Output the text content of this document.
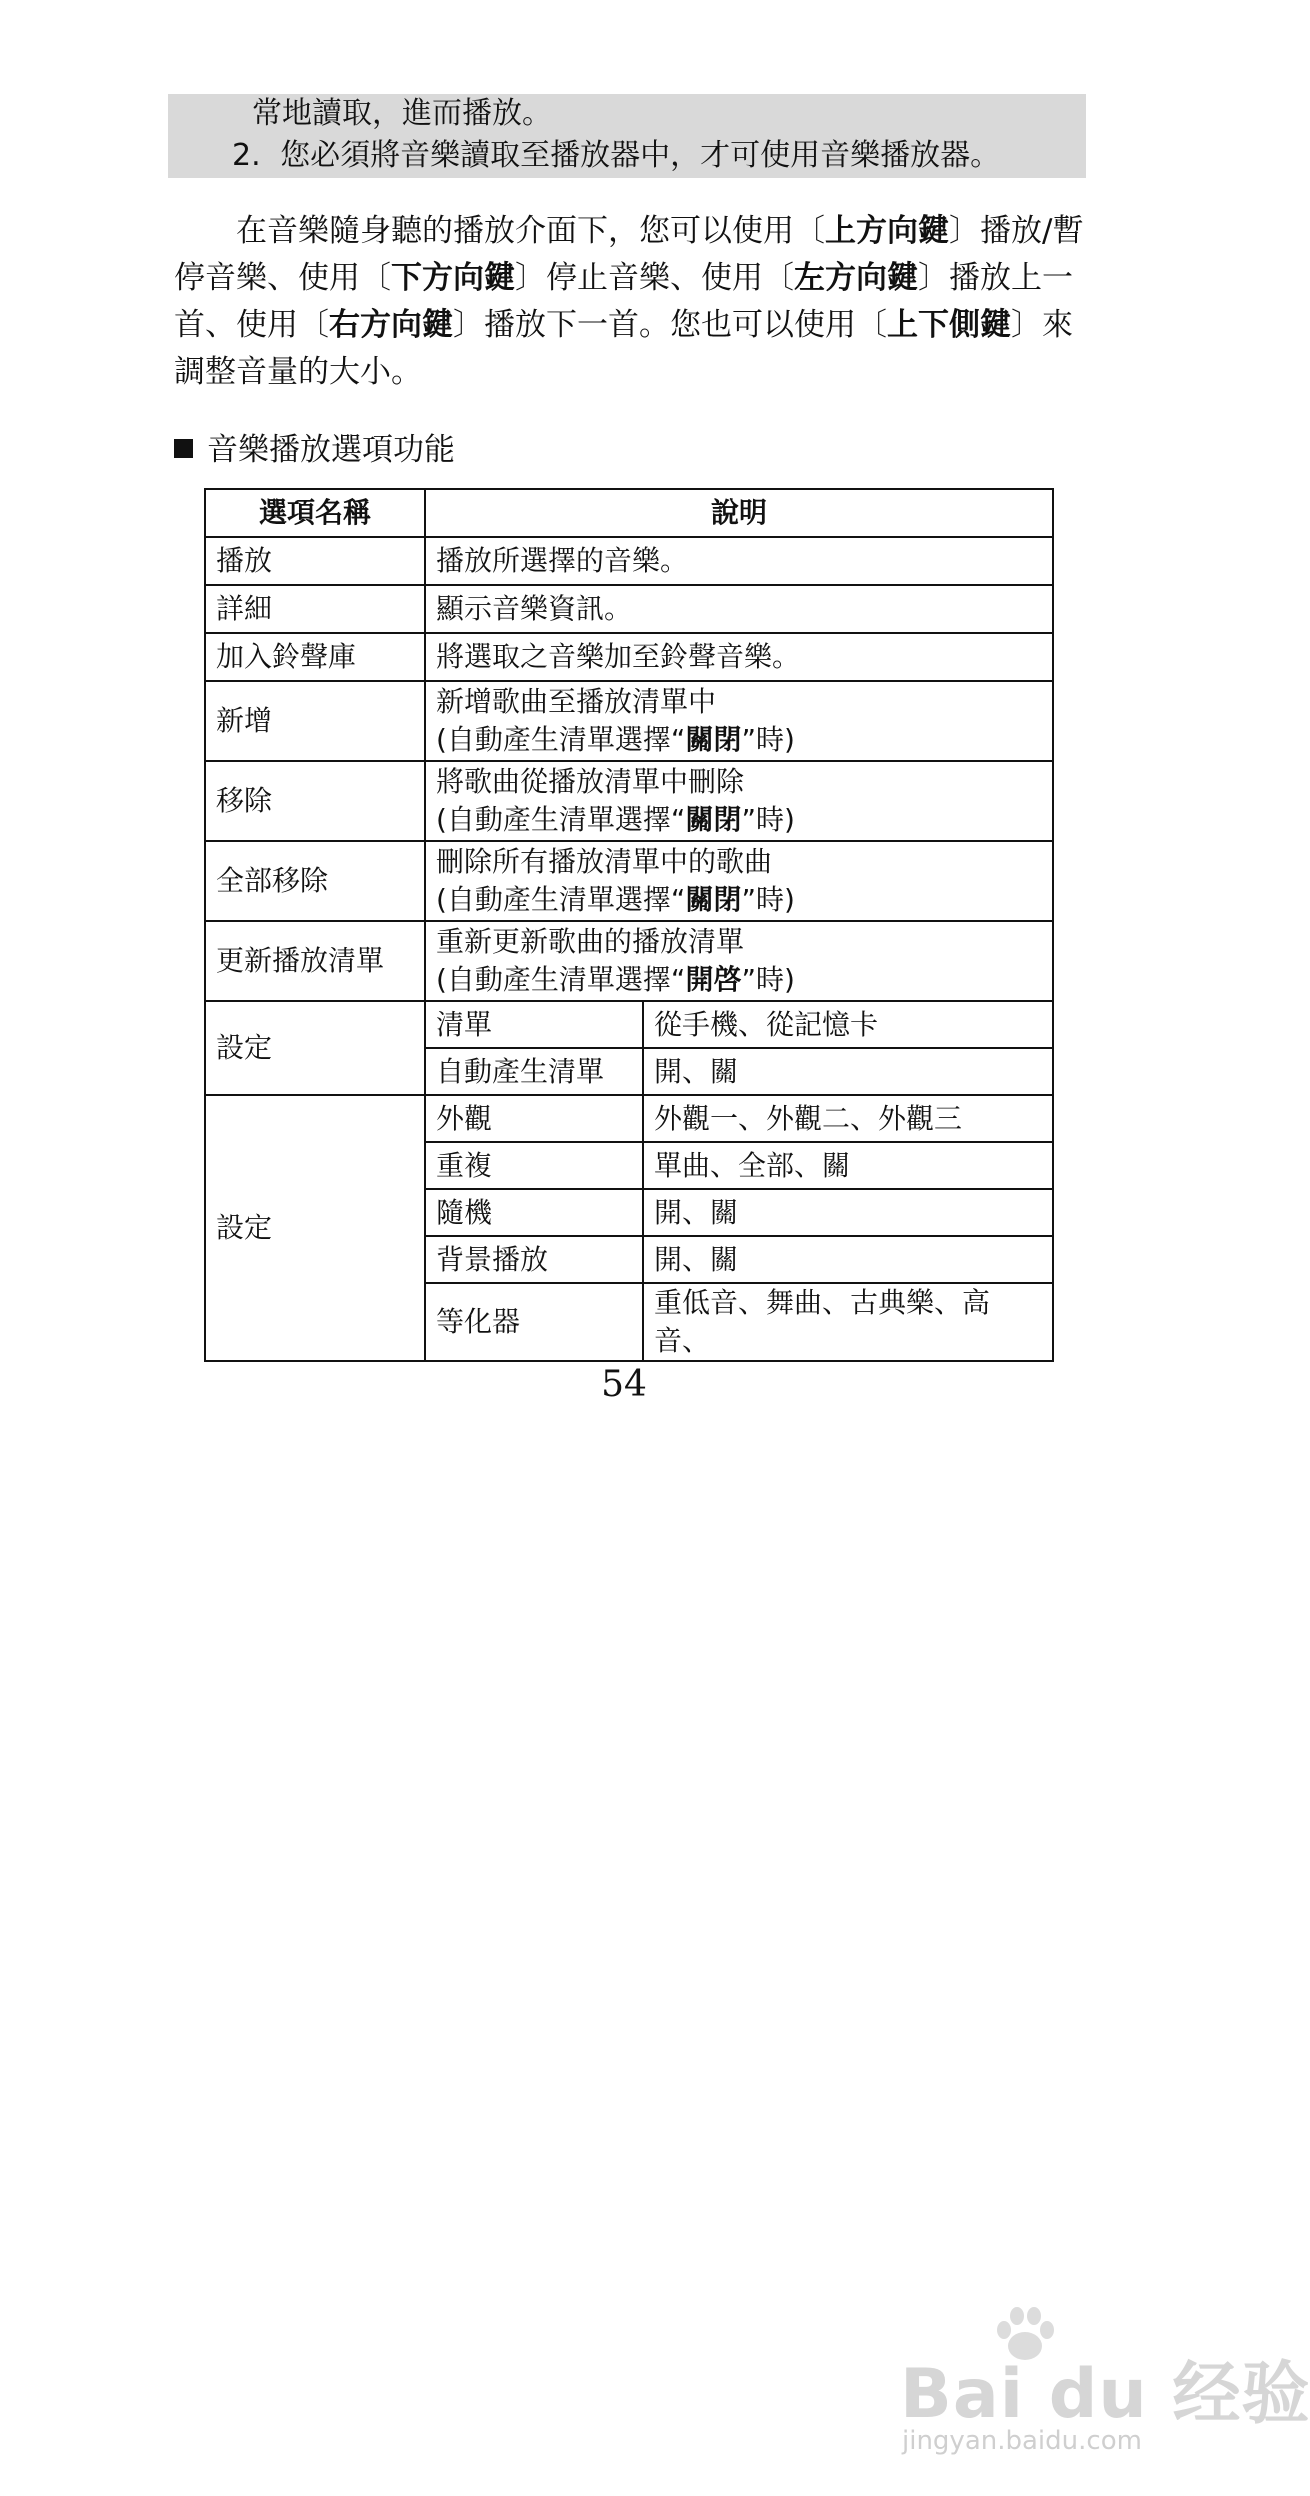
常地讀取，進而播放。
2. 您必須將音樂讀取至播放器中，才可使用音樂播放器。
在音樂隨身聽的播放介面下，您可以使用〔上方向鍵〕播放/暫停音樂、使用〔下方向鍵〕停止音樂、使用〔左方向鍵〕播放上一首、使用〔右方向鍵〕播放下一首。您也可以使用〔上下側鍵〕來調整音量的大小。
音樂播放選項功能
選項名稱	說明	
播放	播放所選擇的音樂。	
詳細	顯示音樂資訊。	
加入鈴聲庫	將選取之音樂加至鈴聲音樂。	
新增	新增歌曲至播放清單中
(自動產生清單選擇“關閉”時)	

移除	將歌曲從播放清單中刪除
(自動產生清單選擇“關閉”時)	

全部移除	刪除所有播放清單中的歌曲
(自動產生清單選擇“關閉”時)	

更新播放清單	重新更新歌曲的播放清單
(自動產生清單選擇“開啓”時)	

設定	清單	從手機、從記憶卡
	自動產生清單	開、關
設定	外觀	外觀一、外觀二、外觀三
	重複	單曲、全部、關
	隨機	開、關
	背景播放	開、關
	等化器	重低音、舞曲、古典樂、高音、
54
Bai du 经验
jingyan.baidu.com
